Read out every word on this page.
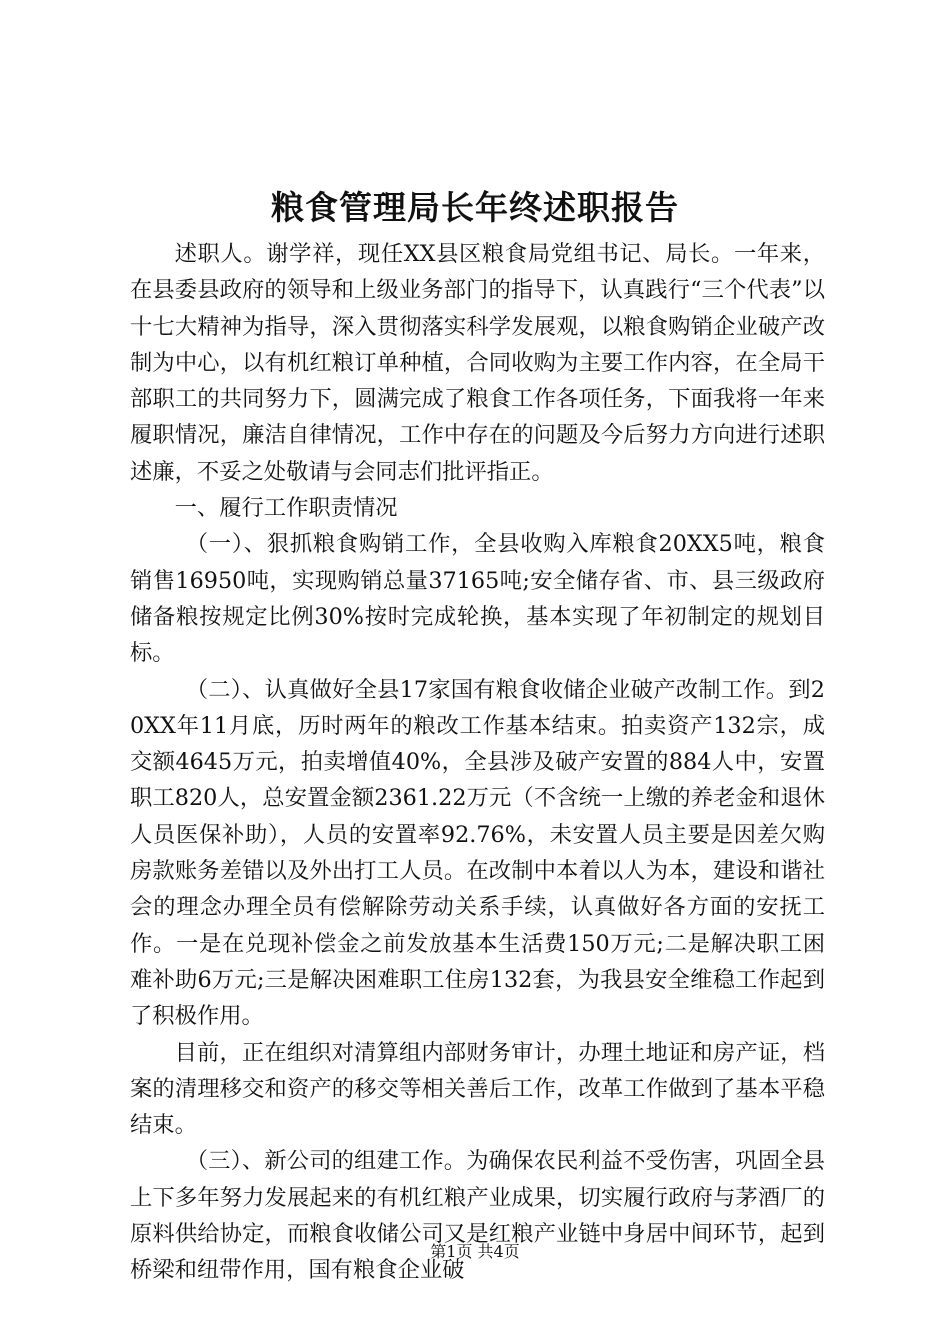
粮食管理局长年终述职报告

述职人。谢学祥，现任XX县区粮食局党组书记、局长。一年来，在县委县政府的领导和上级业务部门的指导下，认真践行“三个代表”以十七大精神为指导，深入贯彻落实科学发展观，以粮食购销企业破产改制为中心，以有机红粮订单种植，合同收购为主要工作内容，在全局干部职工的共同努力下，圆满完成了粮食工作各项任务，下面我将一年来履职情况，廉洁自律情况，工作中存在的问题及今后努力方向进行述职述廉，不妥之处敬请与会同志们批评指正。

一、履行工作职责情况

（一）、狠抓粮食购销工作，全县收购入库粮食20XX5吨，粮食销售16950吨，实现购销总量37165吨;安全储存省、市、县三级政府储备粮按规定比例30%按时完成轮换，基本实现了年初制定的规划目标。

（二）、认真做好全县17家国有粮食收储企业破产改制工作。到20XX年11月底，历时两年的粮改工作基本结束。拍卖资产132宗，成交额4645万元，拍卖增值40%，全县涉及破产安置的884人中，安置职工820人，总安置金额2361.22万元（不含统一上缴的养老金和退休人员医保补助），人员的安置率92.76%，未安置人员主要是因差欠购房款账务差错以及外出打工人员。在改制中本着以人为本，建设和谐社会的理念办理全员有偿解除劳动关系手续，认真做好各方面的安抚工作。一是在兑现补偿金之前发放基本生活费150万元;二是解决职工困难补助6万元;三是解决困难职工住房132套，为我县安全维稳工作起到了积极作用。

目前，正在组织对清算组内部财务审计，办理土地证和房产证，档案的清理移交和资产的移交等相关善后工作，改革工作做到了基本平稳结束。

（三）、新公司的组建工作。为确保农民利益不受伤害，巩固全县上下多年努力发展起来的有机红粮产业成果，切实履行政府与茅酒厂的原料供给协定，而粮食收储公司又是红粮产业链中身居中间环节，起到桥梁和纽带作用，国有粮食企业破

第1页 共4页
